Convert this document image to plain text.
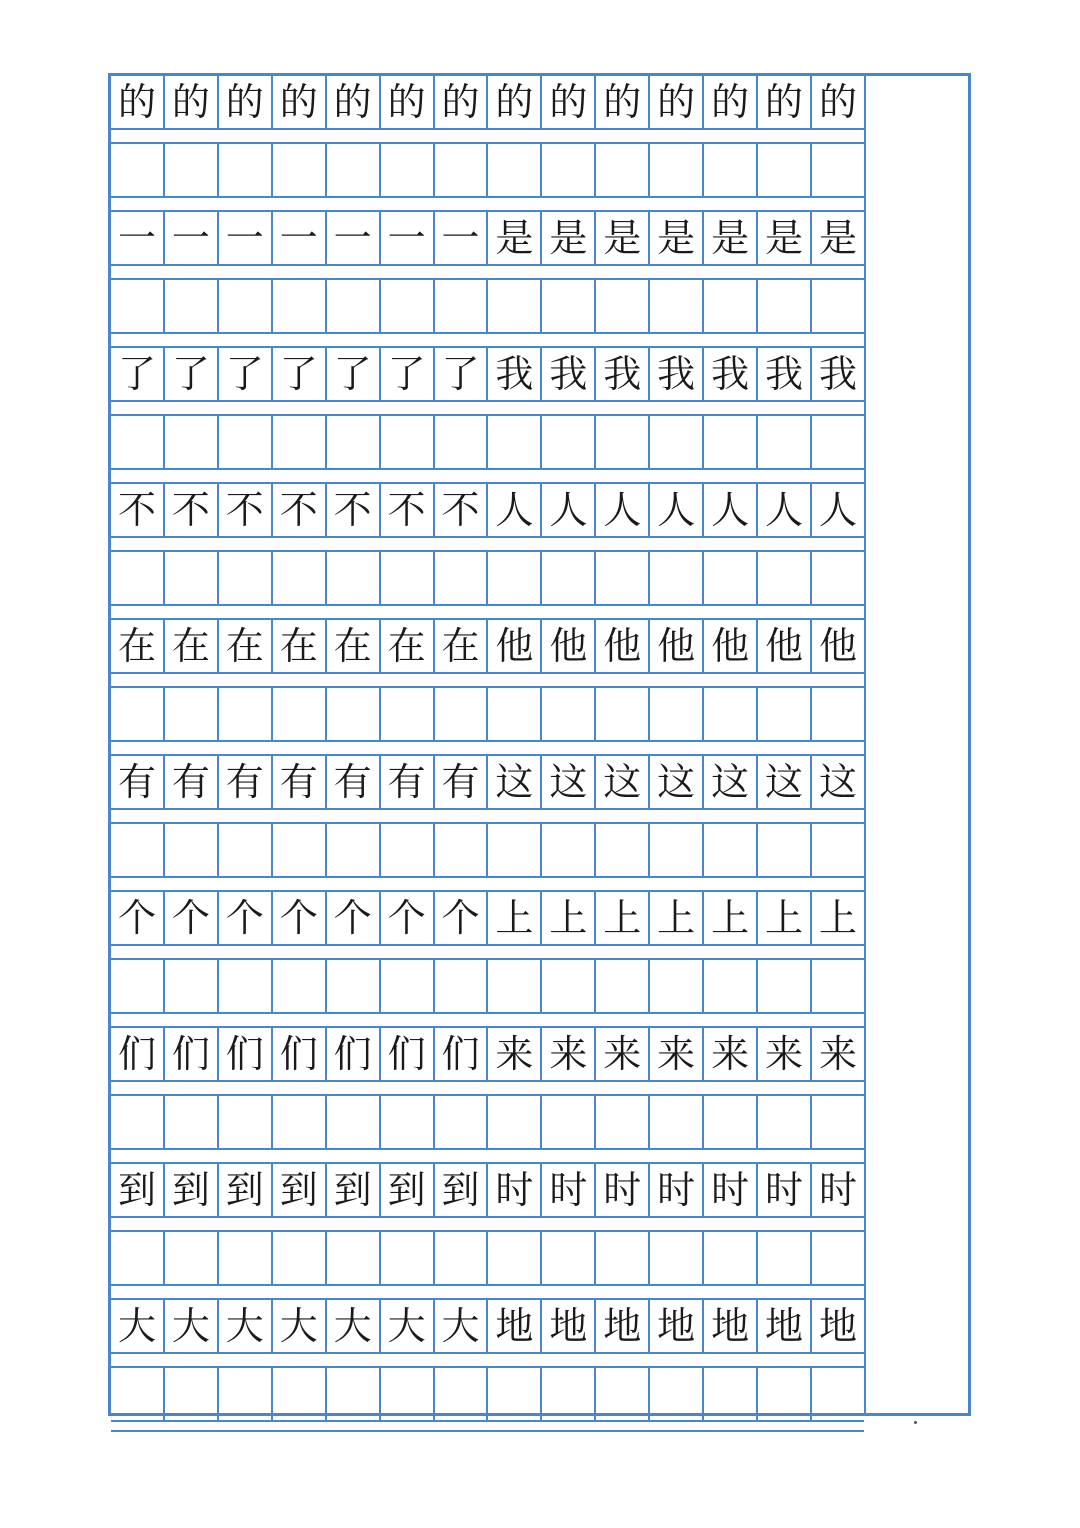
的 的 的 的 的 的 的 的 的 的 的 的 的 的
一 一 一 一 一 一 一 是 是 是 是 是 是 是
了 了 了 了 了 了 了 我 我 我 我 我 我 我
不 不 不 不 不 不 不 人 人 人 人 人 人 人
在 在 在 在 在 在 在 他 他 他 他 他 他 他
有 有 有 有 有 有 有 这 这 这 这 这 这 这
个 个 个 个 个 个 个 上 上 上 上 上 上 上
们 们 们 们 们 们 们 来 来 来 来 来 来 来
到 到 到 到 到 到 到 时 时 时 时 时 时 时
大 大 大 大 大 大 大 地 地 地 地 地 地 地
